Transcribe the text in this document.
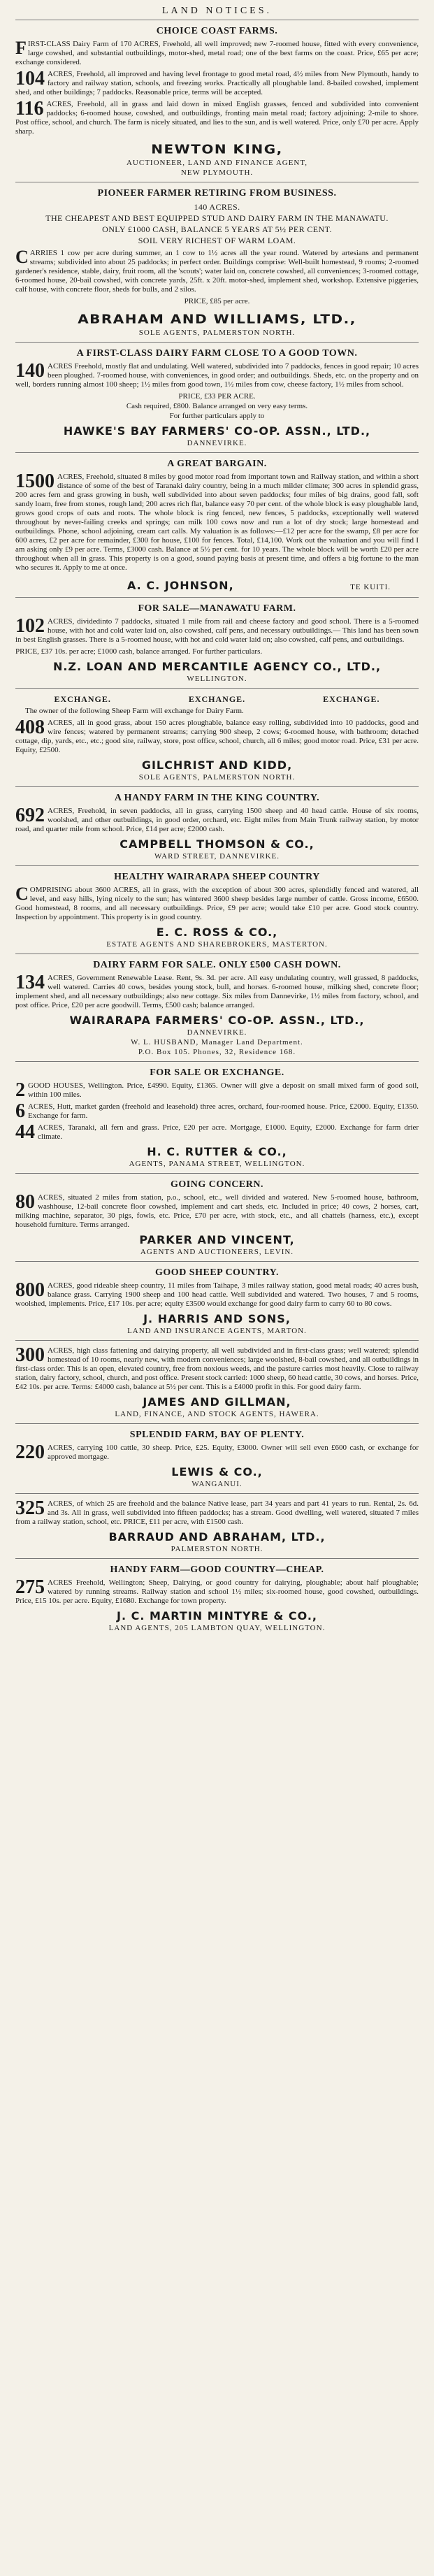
LAND NOTICES.
CHOICE COAST FARMS.
FIRST-CLASS Dairy Farm of 170 ACRES, Freehold, all well improved; new 7-roomed house, fitted with every convenience, large cowshed, and substantial outbuildings, motor-shed, metal road; one of the best farms on the coast. Price, £65 per acre; exchange considered.
104 ACRES, Freehold, all improved and having level frontage to good metal road, 4½ miles from New Plymouth, handy to factory and railway station, schools, and freezing works. Practically all ploughable land. 8-bailed cowshed, implement shed, and other buildings; 7 paddocks. Reasonable price, terms will be accepted.
116 ACRES, Freehold, all in grass and laid down in mixed English grasses, fenced and subdivided into convenient paddocks; 6-roomed house, cowshed, and outbuildings, fronting main metal road; factory adjoining; 2-mile to shore. Post office, school, and church. The farm is nicely situated, and lies to the sun, and is well watered. Price, only £70 per acre. Apply sharp.
NEWTON KING,
AUCTIONEER, LAND AND FINANCE AGENT,
NEW PLYMOUTH.
PIONEER FARMER RETIRING FROM BUSINESS.
140 ACRES.
THE CHEAPEST AND BEST EQUIPPED STUD AND DAIRY FARM IN THE MANAWATU.
ONLY £1000 CASH, BALANCE 5 YEARS AT 5½ PER CENT.
SOIL VERY RICHEST OF WARM LOAM.
CARRIES 1 cow per acre during summer, an 1 cow to 1½ acres all the year round. Watered by artesians and permanent streams; subdivided into about 25 paddocks; in perfect order. Buildings comprise: Well-built homestead, 9 rooms; 2-roomed gardener's residence, stable, dairy, fruit room, all the 'scouts'; water laid on, concrete cowshed, all conveniences; 3-roomed cottage, 6-roomed house, 20-bail cowshed, with concrete yards, 25ft. x 20ft. motor-shed, implement shed, workshop. Extensive piggeries, calf house, with concrete floor, sheds for bulls, and 2 silos.
PRICE, £85 per acre.
ABRAHAM AND WILLIAMS, LTD.,
SOLE AGENTS, PALMERSTON NORTH.
A FIRST-CLASS DAIRY FARM CLOSE TO A GOOD TOWN.
140 ACRES Freehold, mostly flat and undulating. Well watered, subdivided into 7 paddocks, fences in good repair; 10 acres been ploughed. 7-roomed house, with conveniences, in good order; and outbuildings. Sheds, etc. on the property and on well, borders running almost 100 sheep; 1½ miles from good town, 1½ miles from cow, cheese factory, 1½ miles from school.
PRICE, £33 PER ACRE.
Cash required, £800. Balance arranged on very easy terms.
For further particulars apply to
HAWKE'S BAY FARMERS' CO-OP. ASSN., LTD.,
DANNEVIRKE.
A GREAT BARGAIN.
1500 ACRES, Freehold, situated 8 miles by good motor road from important town and Railway station, and within a short distance of some of the best of Taranaki dairy country, being in a much milder climate; 300 acres in splendid grass, 200 acres fern and grass growing in bush, well subdivided into about seven paddocks; four miles of big drains, good fall, soft sandy loam, free from stones, rough land; 200 acres rich flat, balance easy 70 per cent. of the whole block is easy ploughable land, grows good crops of oats and roots. The whole block is ring fenced, new fences, 5 paddocks, exceptionally well watered throughout by never-failing creeks and springs; can milk 100 cows now and run a lot of dry stock; large homestead and outbuildings. Phone, school adjoining, cream cart calls. My valuation is as follows:—£12 per acre for the swamp, £8 per acre for 600 acres, £2 per acre for remainder, £300 for house, £100 for fences. Total, £14,100. Work out the valuation and you will find I am asking only £9 per acre. Terms, £3000 cash. Balance at 5½ per cent. for 10 years. The whole block will be worth £20 per acre throughout when all in grass. This property is on a good, sound paying basis at present time, and offers a big fortune to the man who secures it. Apply to me at once.
A. C. JOHNSON,	TE KUITI.
FOR SALE—MANAWATU FARM.
102 ACRES, dividedinto 7 paddocks, situated 1 mile from rail and cheese factory and good school. There is a 5-roomed house, with hot and cold water laid on, also cowshed, calf pens, and necessary outbuildings.— This land has been sown in best English grasses. There is a 5-roomed house, with hot and cold water laid on; also cowshed, calf pens, and outbuildings.
PRICE, £37 10s. per acre; £1000 cash, balance arranged. For further particulars.
N.Z. LOAN AND MERCANTILE AGENCY CO., LTD.,
WELLINGTON.
EXCHANGE.	EXCHANGE.	EXCHANGE.
The owner of the following Sheep Farm will exchange for Dairy Farm.
408 ACRES, all in good grass, about 150 acres ploughable, balance easy rolling, subdivided into 10 paddocks, good and wire fences; watered by permanent streams; carrying 900 sheep, 2 cows; 6-roomed house, with bathroom; detached cottage, dip, yards, etc., etc.; good site, railway, store, post office, school, church, all 6 miles; good motor road. Price, £31 per acre. Equity, £2500.
GILCHRIST AND KIDD,
SOLE AGENTS, PALMERSTON NORTH.
A HANDY FARM IN THE KING COUNTRY.
692 ACRES, Freehold, in seven paddocks, all in grass, carrying 1500 sheep and 40 head cattle. House of six rooms, woolshed, and other outbuildings, in good order, orchard, etc. Eight miles from Main Trunk railway station, by motor road, and quarter mile from school. Price, £14 per acre; £2000 cash.
CAMPBELL THOMSON & CO.,
WARD STREET, DANNEVIRKE.
HEALTHY WAIRARAPA SHEEP COUNTRY
COMPRISING about 3600 ACRES, all in grass, with the exception of about 300 acres, splendidly fenced and watered, all level, and easy hills, lying nicely to the sun; has wintered 3600 sheep besides large number of cattle. Gross income, £6500. Good homestead, 8 rooms, and all necessary outbuildings. Price, £9 per acre; would take £10 per acre. Good stock country. Inspection by appointment. This property is in good country.
E. C. ROSS & CO.,
ESTATE AGENTS AND SHAREBROKERS, MASTERTON.
DAIRY FARM FOR SALE. ONLY £500 CASH DOWN.
134 ACRES, Government Renewable Lease. Rent, 9s. 3d. per acre. All easy undulating country, well grassed, 8 paddocks, well watered. Carries 40 cows, besides young stock, bull, and horses. 6-roomed house, milking shed, concrete floor; implement shed, and all necessary outbuildings; also new cottage. Six miles from Dannevirke, 1½ miles from factory, school, and post office. Price, £20 per acre goodwill. Terms, £500 cash; balance arranged.
WAIRARAPA FARMERS' CO-OP. ASSN., LTD.,
DANNEVIRKE.
W. L. HUSBAND, Manager Land Department.
P.O. Box 105. Phones, 32, Residence 168.
FOR SALE OR EXCHANGE.
2 GOOD HOUSES, Wellington. Price, £4990. Equity, £1365. Owner will give a deposit on small mixed farm of good soil, within 100 miles.
6 ACRES, Hutt, market garden (freehold and leasehold) three acres, orchard, four-roomed house. Price, £2000. Equity, £1350. Exchange for farm.
44 ACRES, Taranaki, all fern and grass. Price, £20 per acre. Mortgage, £1000. Equity, £2000. Exchange for farm drier climate.
H. C. RUTTER & CO.,
AGENTS, PANAMA STREET, WELLINGTON.
GOING CONCERN.
80 ACRES, situated 2 miles from station, p.o., school, etc., well divided and watered. New 5-roomed house, bathroom, washhouse, 12-bail concrete floor cowshed, implement and cart sheds, etc. Included in price; 40 cows, 2 horses, cart, milking machine, separator, 30 pigs, fowls, etc. Price, £70 per acre, with stock, etc., and all chattels (harness, etc.), except household furniture. Terms arranged.
PARKER AND VINCENT,
AGENTS AND AUCTIONEERS, LEVIN.
GOOD SHEEP COUNTRY.
800 ACRES, good rideable sheep country, 11 miles from Taihape, 3 miles railway station, good metal roads; 40 acres bush, balance grass. Carrying 1900 sheep and 100 head cattle. Well subdivided and watered. Two houses, 7 and 5 rooms, woolshed, implements. Price, £17 10s. per acre; equity £3500 would exchange for good dairy farm to carry 60 to 80 cows.
J. HARRIS AND SONS,
LAND AND INSURANCE AGENTS, MARTON.
300 ACRES, high class fattening and dairying property, all well subdivided and in first-class grass; well watered; splendid homestead of 10 rooms, nearly new, with modern conveniences; large woolshed, 8-bail cowshed, and all outbuildings in first-class order. This is an open, elevated country, free from noxious weeds, and the pasture carries most heavily. Close to railway station, dairy factory, school, church, and post office. Present stock carried: 1000 sheep, 60 head cattle, 30 cows, and horses. Price, £42 10s. per acre. Terms: £4000 cash, balance at 5½ per cent. This is a £4000 profit in this. For good dairy farm.
JAMES AND GILLMAN,
LAND, FINANCE, AND STOCK AGENTS, HAWERA.
SPLENDID FARM, BAY OF PLENTY.
220 ACRES, carrying 100 cattle, 30 sheep. Price, £25. Equity, £3000. Owner will sell even £600 cash, or exchange for approved mortgage.
LEWIS & CO.,
WANGANUI.
325 ACRES, of which 25 are freehold and the balance Native lease, part 34 years and part 41 years to run. Rental, 2s. 6d. and 3s. All in grass, well subdivided into fifteen paddocks; has a stream. Good dwelling, well watered, situated 7 miles from a railway station, school, etc. PRICE, £11 per acre, with £1500 cash.
BARRAUD AND ABRAHAM, LTD.,
PALMERSTON NORTH.
HANDY FARM—GOOD COUNTRY—CHEAP.
275 ACRES Freehold, Wellington; Sheep, Dairying, or good country for dairying, ploughable; about half ploughable; watered by running streams. Railway station and school 1½ miles; six-roomed house, good cowshed, outbuildings. Price, £15 10s. per acre. Equity, £1680. Exchange for town property.
J. C. MARTIN MINTYRE & CO.,
LAND AGENTS, 205 LAMBTON QUAY, WELLINGTON.
